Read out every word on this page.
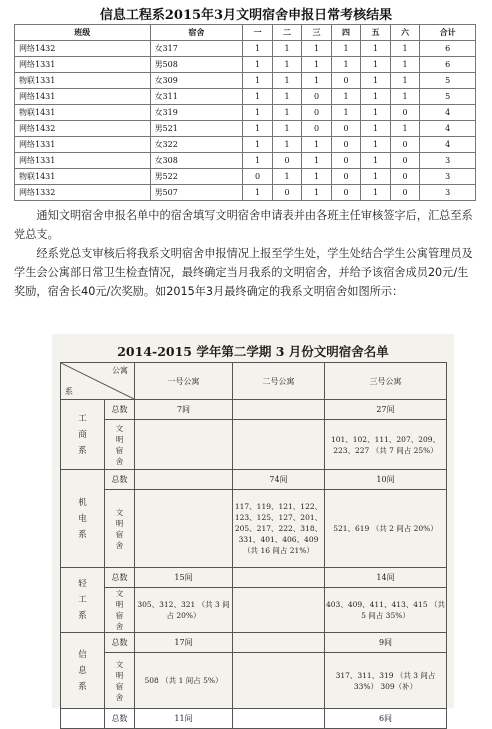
信息工程系2015年3月文明宿舍申报日常考核结果
班级	宿舍	一	二	三	四	五	六	合计
网络1432	女317	1	1	1	1	1	1	6
网络1331	男508	1	1	1	1	1	1	6
物联1331	女309	1	1	1	0	1	1	5
网络1431	女311	1	1	0	1	1	1	5
物联1431	女319	1	1	0	1	1	0	4
网络1432	男521	1	1	0	0	1	1	4
网络1331	女322	1	1	1	0	1	0	4
网络1331	女308	1	0	1	0	1	0	3
物联1431	男522	0	1	1	0	1	0	3
网络1332	男507	1	0	1	0	1	0	3
通知文明宿舍申报名单中的宿舍填写文明宿舍申请表并由各班主任审核签字后，汇总至系党总支。
经系党总支审核后将我系文明宿舍申报情况上报至学生处，学生处结合学生公寓管理员及学生会公寓部日常卫生检查情况，最终确定当月我系的文明宿舍，并给予该宿舍成员20元/生奖励，宿舍长40元/次奖励。如2015年3月最终确定的我系文明宿舍如图所示：
2014-2015 学年第二学期 3 月份文明宿舍名单
公寓
系		一号公寓	二号公寓	三号公寓

工商系	总数	7间		27间
	文明宿舍			101、102、111、207、209、223、227 （共 7 间占 25%）

机电系	总数		74间	10间
	文明宿舍		117、119、121、122、123、125、127、201、205、217、222、318、331、401、406、409 （共 16 间占 21%）	521、619 （共 2 间占 20%）

轻工系	总数	15间		14间
	文明宿舍	305、312、321 （共 3 间占 20%）		403、409、411、413、415 （共 5 间占 35%）

信息系	总数	17间		9间
	文明宿舍	508 （共 1 间占 5%）		317、311、319 （共 3 间占 33%） 309（补）

	总数	11间		6间
